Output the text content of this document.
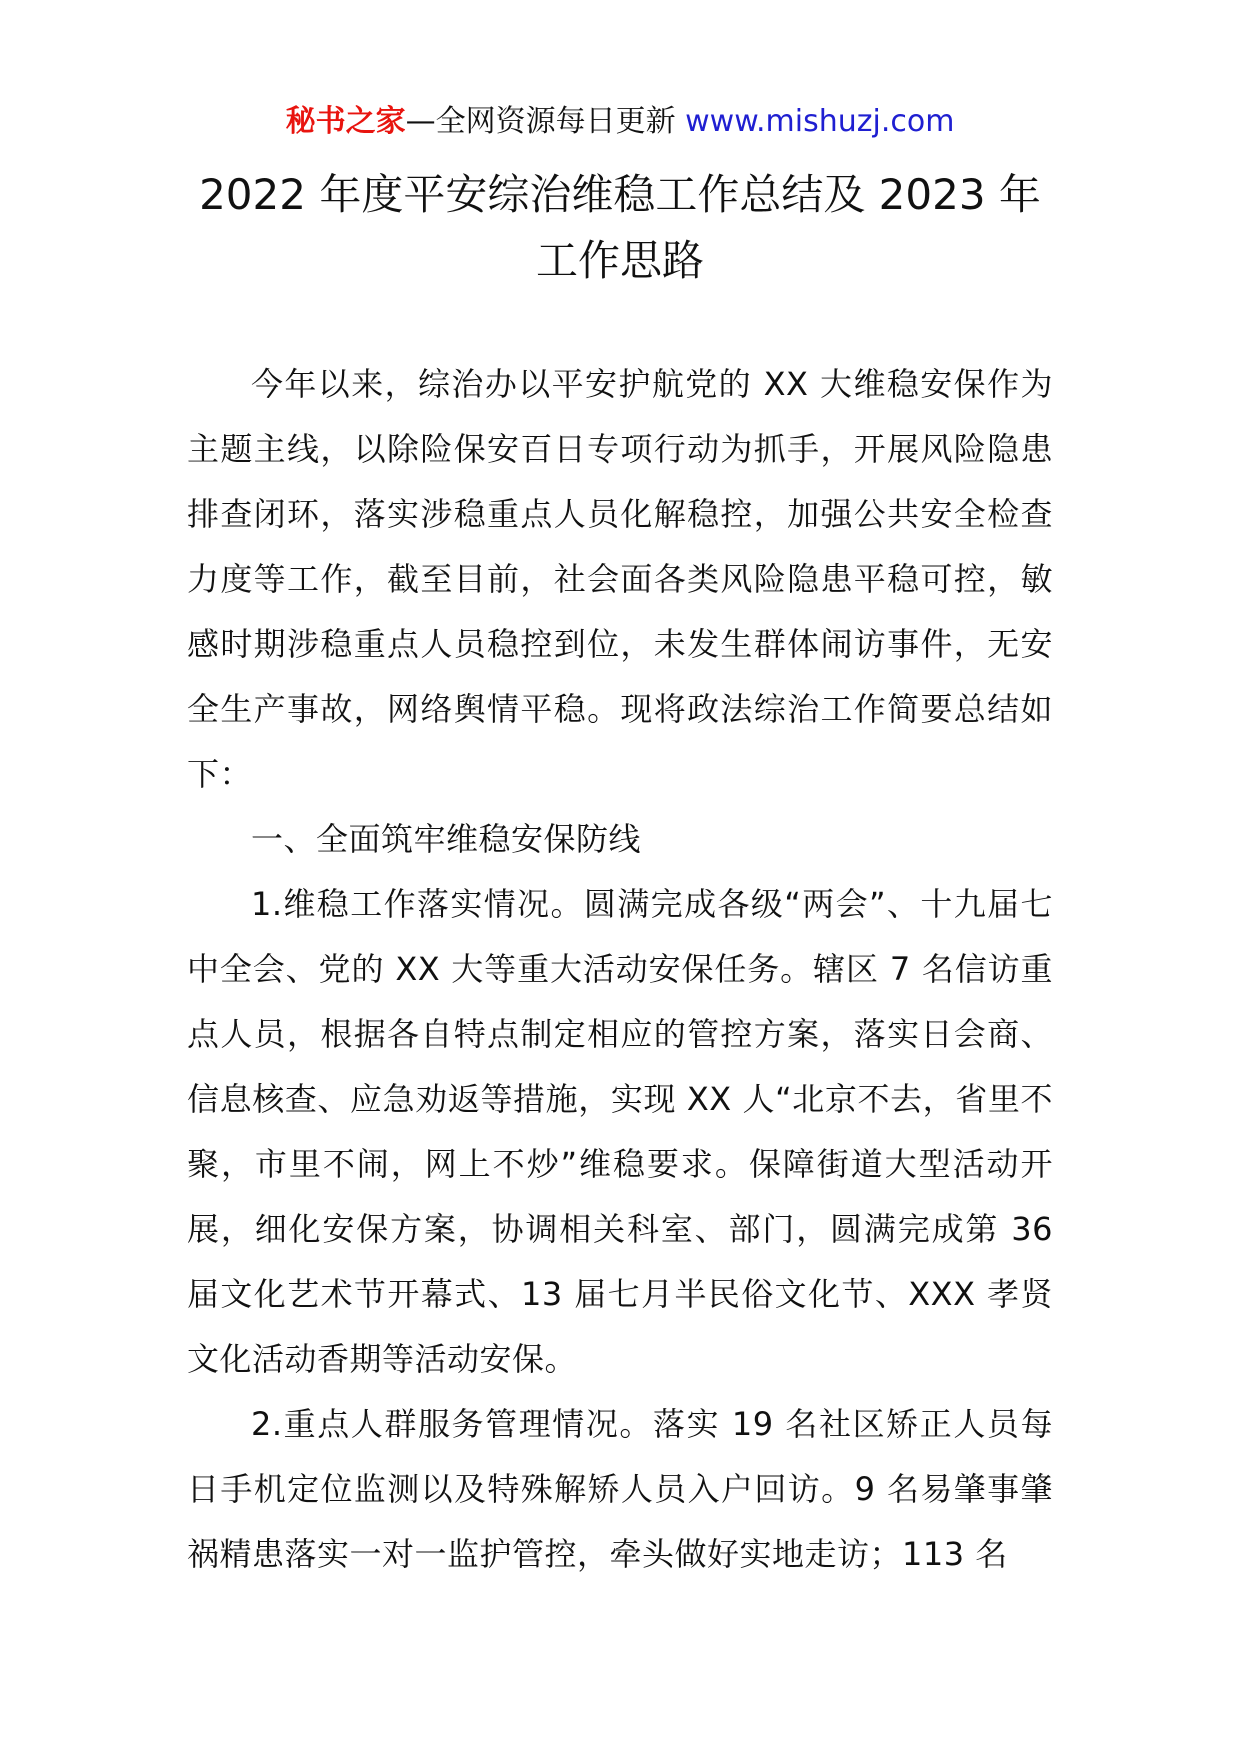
秘书之家—全网资源每日更新 www.mishuzj.com
2022 年度平安综治维稳工作总结及 2023 年
工作思路

今年以来，综治办以平安护航党的 XX 大维稳安保作为主题主线，以除险保安百日专项行动为抓手，开展风险隐患排查闭环，落实涉稳重点人员化解稳控，加强公共安全检查力度等工作，截至目前，社会面各类风险隐患平稳可控，敏感时期涉稳重点人员稳控到位，未发生群体闹访事件，无安全生产事故，网络舆情平稳。现将政法综治工作简要总结如下：

一、全面筑牢维稳安保防线

1.维稳工作落实情况。圆满完成各级“两会”、十九届七中全会、党的 XX 大等重大活动安保任务。辖区 7 名信访重点人员，根据各自特点制定相应的管控方案，落实日会商、信息核查、应急劝返等措施，实现 XX 人“北京不去，省里不聚，市里不闹，网上不炒”维稳要求。保障街道大型活动开展，细化安保方案，协调相关科室、部门，圆满完成第 36 届文化艺术节开幕式、13 届七月半民俗文化节、XXX 孝贤文化活动香期等活动安保。

2.重点人群服务管理情况。落实 19 名社区矫正人员每日手机定位监测以及特殊解矫人员入户回访。9 名易肇事肇祸精患落实一对一监护管控，牵头做好实地走访；113 名
